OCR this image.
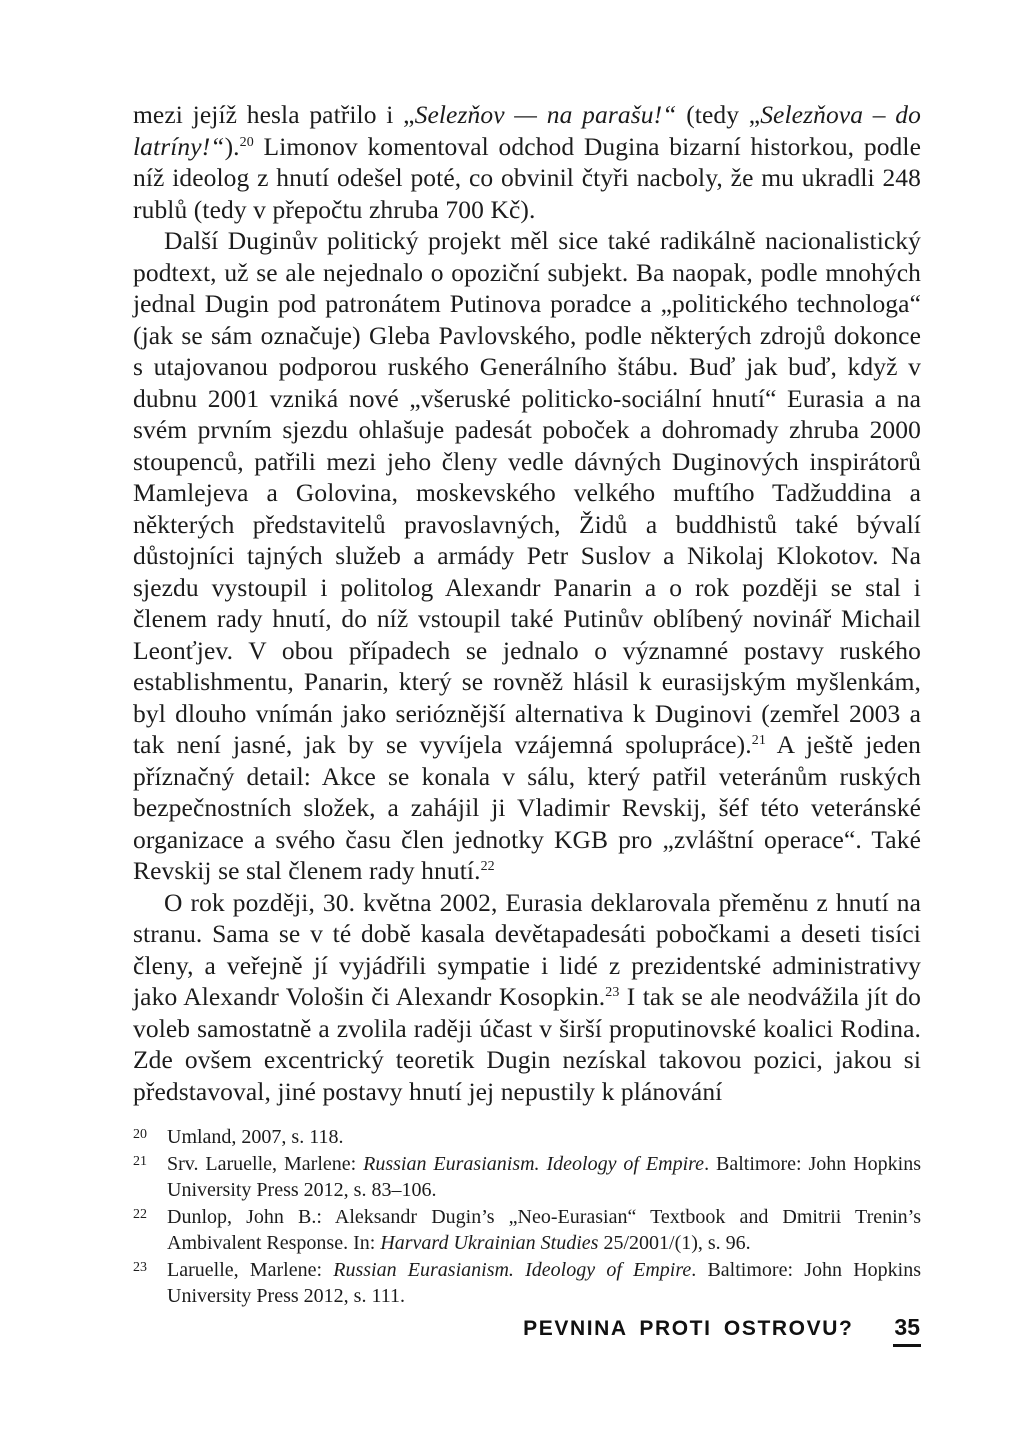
mezi jejíž hesla patřilo i „Selezňov — na parašu!“ (tedy „Selezňova – do latríny!“).$^{20}$ Limonov komentoval odchod Dugina bizarní historkou, podle níž ideolog z hnutí odešel poté, co obvinil čtyři nacboly, že mu ukradli 248 rublů (tedy v přepočtu zhruba 700 Kč).

Další Duginův politický projekt měl sice také radikálně nacionalistický podtext, už se ale nejednalo o opoziční subjekt. Ba naopak, podle mnohých jednal Dugin pod patronátem Putinova poradce a „politického technologa“ (jak se sám označuje) Gleba Pavlovského, podle některých zdrojů dokonce s utajovanou podporou ruského Generálního štábu. Buď jak buď, když v dubnu 2001 vzniká nové „všeruské politicko-sociální hnutí“ Eurasia a na svém prvním sjezdu ohlašuje padesát poboček a dohromady zhruba 2000 stoupenců, patřili mezi jeho členy vedle dávných Duginových inspirátorů Mamlejeva a Golovina, moskevského velkého muftího Tadžuddina a některých představitelů pravoslavných, Židů a buddhistů také bývalí důstojníci tajných služeb a armády Petr Suslov a Nikolaj Klokotov. Na sjezdu vystoupil i politolog Alexandr Panarin a o rok později se stal i členem rady hnutí, do níž vstoupil také Putinův oblíbený novinář Michail Leonťjev. V obou případech se jednalo o významné postavy ruského establishmentu, Panarin, který se rovněž hlásil k eurasijským myšlenkám, byl dlouho vnímán jako serióznější alternativa k Duginovi (zemřel 2003 a tak není jasné, jak by se vyvíjela vzájemná spolupráce).$^{21}$ A ještě jeden příznačný detail: Akce se konala v sálu, který patřil veteránům ruských bezpečnostních složek, a zahájil ji Vladimir Revskij, šéf této veteránské organizace a svého času člen jednotky KGB pro „zvláštní operace“. Také Revskij se stal členem rady hnutí.$^{22}$

O rok později, 30. května 2002, Eurasia deklarovala přeměnu z hnutí na stranu. Sama se v té době kasala devětapadesáti pobočkami a deseti tisíci členy, a veřejně jí vyjádřili sympatie i lidé z prezidentské administrativy jako Alexandr Vološin či Alexandr Kosopkin.$^{23}$ I tak se ale neodvážila jít do voleb samostatně a zvolila raději účast v širší proputinovské koalici Rodina. Zde ovšem excentrický teoretik Dugin nezískal takovou pozici, jakou si představoval, jiné postavy hnutí jej nepustily k plánování

20	Umland, 2007, s. 118.
21	Srv. Laruelle, Marlene: Russian Eurasianism. Ideology of Empire. Baltimore: John Hopkins University Press 2012, s. 83–106.
22	Dunlop, John B.: Aleksandr Dugin’s „Neo-Eurasian“ Textbook and Dmitrii Trenin’s Ambivalent Response. In: Harvard Ukrainian Studies 25/2001/(1), s. 96.
23	Laruelle, Marlene: Russian Eurasianism. Ideology of Empire. Baltimore: John Hopkins University Press 2012, s. 111.
PEVNINA PROTI OSTROVU? 35
